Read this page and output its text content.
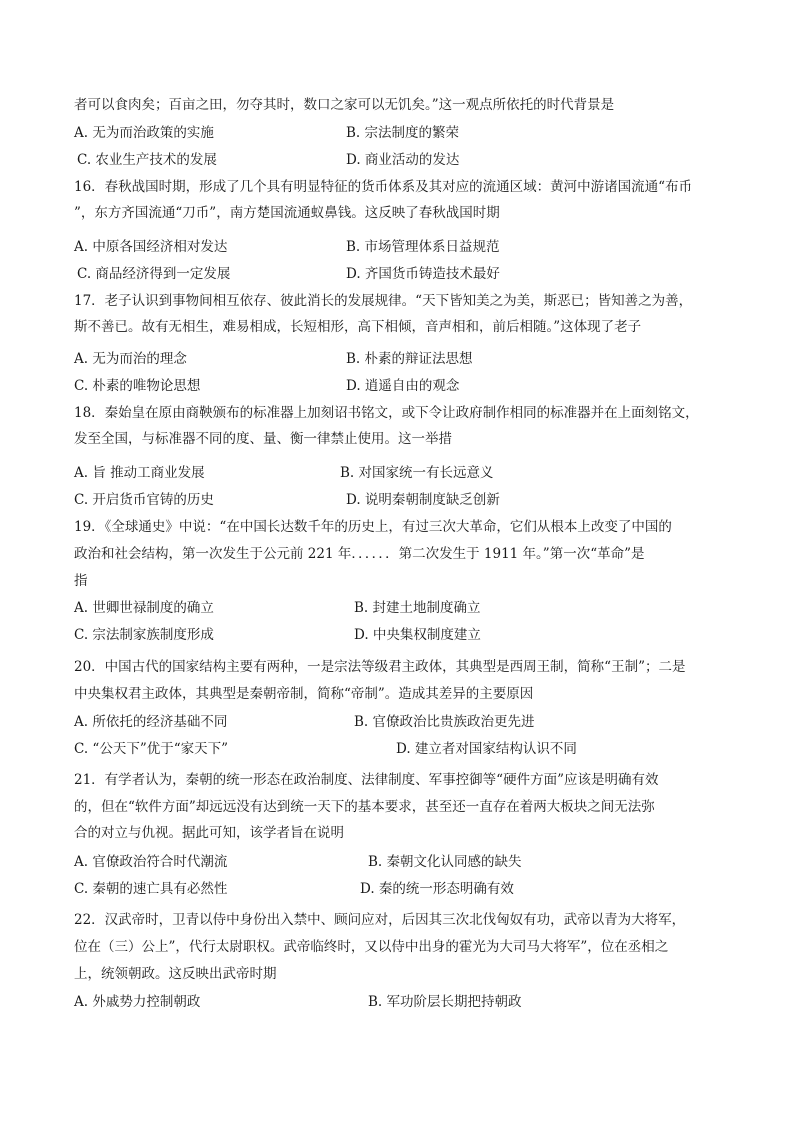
者可以食肉矣；百亩之田，勿夺其时，数口之家可以无饥矣。”这一观点所依托的时代背景是
A. 无为而治政策的实施	B. 宗法制度的繁荣
C. 农业生产技术的发展	D. 商业活动的发达
16．春秋战国时期，形成了几个具有明显特征的货币体系及其对应的流通区域：黄河中游诸国流通“布币
”，东方齐国流通“刀币”，南方楚国流通蚁鼻钱。这反映了春秋战国时期
A. 中原各国经济相对发达	B. 市场管理体系日益规范
C. 商品经济得到一定发展	D. 齐国货币铸造技术最好
17．老子认识到事物间相互依存、彼此消长的发展规律。“天下皆知美之为美，斯恶已；皆知善之为善，
斯不善已。故有无相生，难易相成，长短相形，高下相倾，音声相和，前后相随。”这体现了老子
A. 无为而治的理念	B. 朴素的辩证法思想
C. 朴素的唯物论思想	D. 逍遥自由的观念
18．秦始皇在原由商鞅颁布的标准器上加刻诏书铭文，或下令让政府制作相同的标准器并在上面刻铭文，
发至全国，与标准器不同的度、量、衡一律禁止使用。这一举措
A. 旨 推动工商业发展	B. 对国家统一有长远意义
C. 开启货币官铸的历史	D. 说明秦朝制度缺乏创新
19．《全球通史》中说：“在中国长达数千年的历史上，有过三次大革命，它们从根本上改变了中国的
政治和社会结构，第一次发生于公元前 221 年．．．．．．第二次发生于 1911 年。”第一次“革命”是
指
A. 世卿世禄制度的确立	B. 封建土地制度确立
C. 宗法制家族制度形成	D. 中央集权制度建立
20．中国古代的国家结构主要有两种，一是宗法等级君主政体，其典型是西周王制，简称“王制”；二是
中央集权君主政体，其典型是秦朝帝制，简称“帝制”。造成其差异的主要原因
A. 所依托的经济基础不同	B. 官僚政治比贵族政治更先进
C. “公天下”优于“家天下”	D. 建立者对国家结构认识不同
21．有学者认为，秦朝的统一形态在政治制度、法律制度、军事控御等“硬件方面”应该是明确有效
的，但在“软件方面”却远远没有达到统一天下的基本要求，甚至还一直存在着两大板块之间无法弥
合的对立与仇视。据此可知，该学者旨在说明
A. 官僚政治符合时代潮流	B. 秦朝文化认同感的缺失
C. 秦朝的速亡具有必然性	D. 秦的统一形态明确有效
22．汉武帝时，卫青以侍中身份出入禁中、顾问应对，后因其三次北伐匈奴有功，武帝以青为大将军，
位在（三）公上”，代行太尉职权。武帝临终时，又以侍中出身的霍光为大司马大将军”，位在丞相之
上，统领朝政。这反映出武帝时期
A. 外戚势力控制朝政	B. 军功阶层长期把持朝政
